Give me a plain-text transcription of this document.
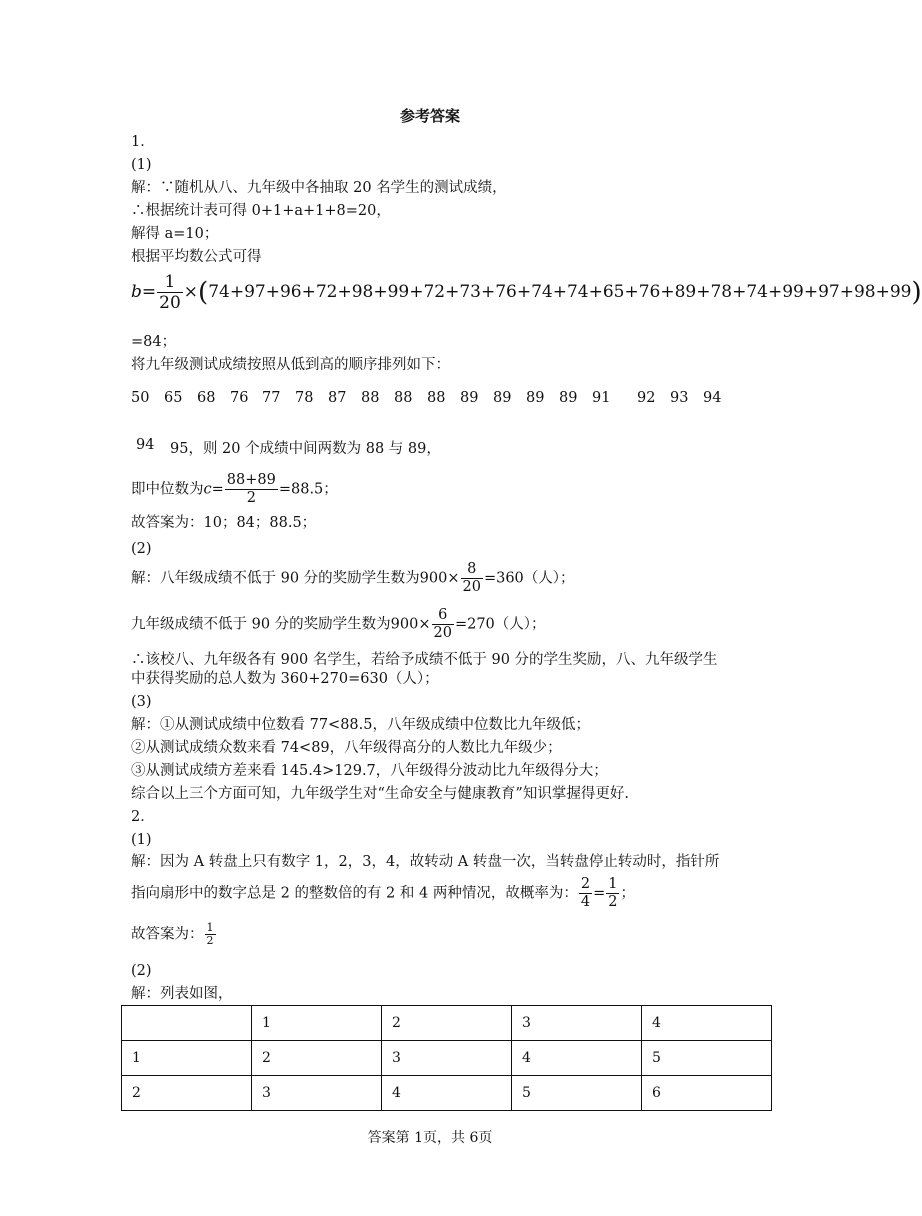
参考答案
1．
(1)
解：∵随机从八、九年级中各抽取 20 名学生的测试成绩，
∴根据统计表可得 0+1+a+1+8=20，
解得 a=10；
根据平均数公式可得
$b= \frac{1}{20} \times(74+97+96+72+98+99+72+73+76+74+74+65+76+89+78+74+99+97+98+99)$
=84；
将九年级测试成绩按照从低到高的顺序排列如下：
50 65 68 76 77 78 87 88 88 88 89 89 89 89 91 92 93 94
94 95，则 20 个成绩中间两数为 88 与 89，
即中位数为$c= \frac{88+89}{2} =88.5$；
故答案为：10；84；88.5；
(2)
解：八年级成绩不低于 90 分的奖励学生数为$900\times \frac{8}{20} =360$（人）；
九年级成绩不低于 90 分的奖励学生数为$900\times \frac{6}{20} =270$（人）；
∴该校八、九年级各有 900 名学生，若给予成绩不低于 90 分的学生奖励，八、九年级学生
中获得奖励的总人数为 360+270=630（人）；
(3)
解：①从测试成绩中位数看 77<88.5，八年级成绩中位数比九年级低；
②从测试成绩众数来看 74<89，八年级得高分的人数比九年级少；
③从测试成绩方差来看 145.4>129.7，八年级得分波动比九年级得分大；
综合以上三个方面可知，九年级学生对“生命安全与健康教育”知识掌握得更好.
2．
(1)
解：因为 A 转盘上只有数字 1，2，3，4，故转动 A 转盘一次，当转盘停止转动时，指针所
指向扇形中的数字总是 2 的整数倍的有 2 和 4 两种情况，故概率为： $\frac{2}{4} = \frac{1}{2}$ ；
故答案为： $\frac{1}{2}$
(2)
解：列表如图，
	1	2	3	4
1	2	3	4	5
2	3	4	5	6
答案第 1页，共 6页
